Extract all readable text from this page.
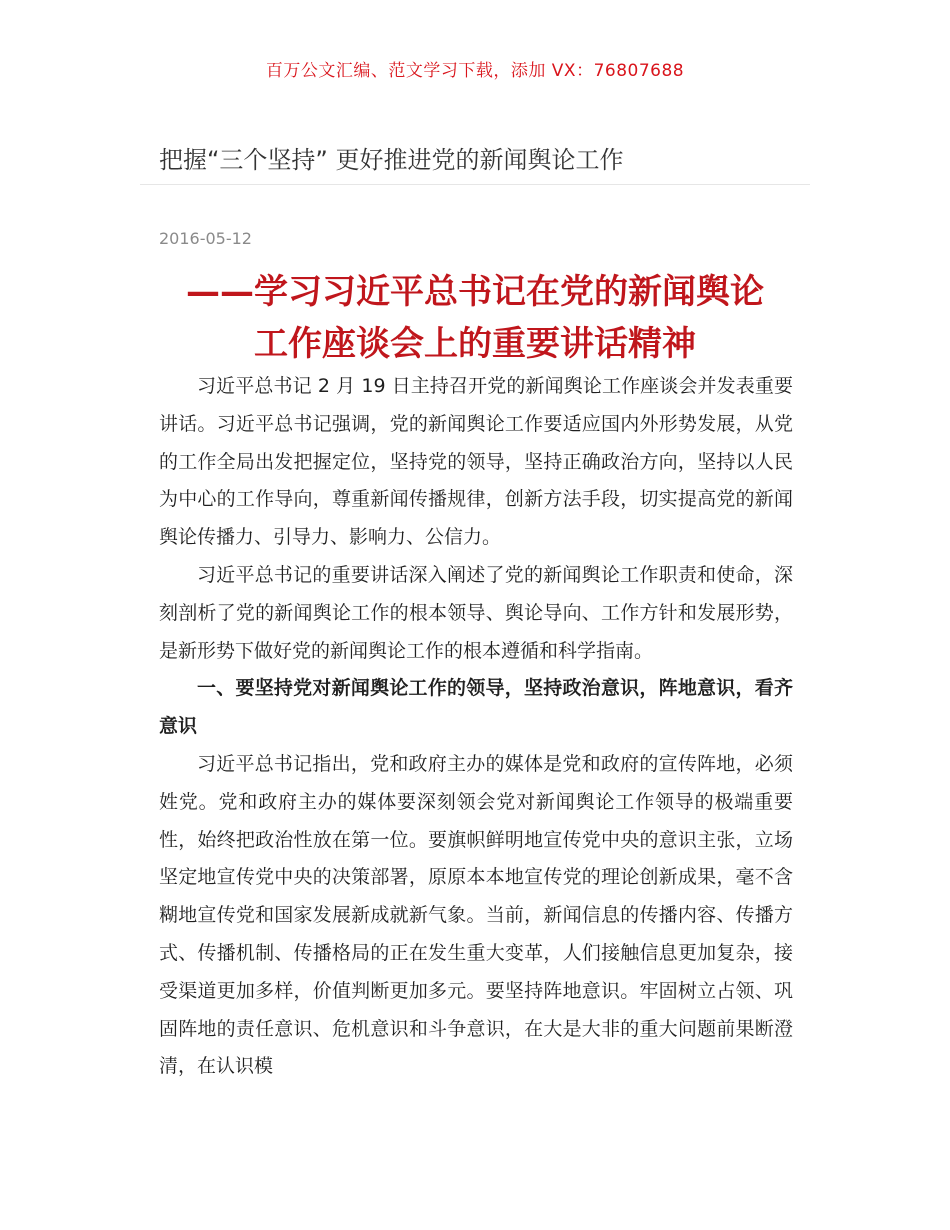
百万公文汇编、范文学习下载，添加 VX：76807688
把握“三个坚持” 更好推进党的新闻舆论工作
2016-05-12
——学习习近平总书记在党的新闻舆论
工作座谈会上的重要讲话精神

习近平总书记 2 月 19 日主持召开党的新闻舆论工作座谈会并发表重要讲话。习近平总书记强调，党的新闻舆论工作要适应国内外形势发展，从党的工作全局出发把握定位，坚持党的领导，坚持正确政治方向，坚持以人民为中心的工作导向，尊重新闻传播规律，创新方法手段，切实提高党的新闻舆论传播力、引导力、影响力、公信力。

习近平总书记的重要讲话深入阐述了党的新闻舆论工作职责和使命，深刻剖析了党的新闻舆论工作的根本领导、舆论导向、工作方针和发展形势，是新形势下做好党的新闻舆论工作的根本遵循和科学指南。

一、要坚持党对新闻舆论工作的领导，坚持政治意识，阵地意识，看齐意识

习近平总书记指出，党和政府主办的媒体是党和政府的宣传阵地，必须姓党。党和政府主办的媒体要深刻领会党对新闻舆论工作领导的极端重要性，始终把政治性放在第一位。要旗帜鲜明地宣传党中央的意识主张，立场坚定地宣传党中央的决策部署，原原本本地宣传党的理论创新成果，毫不含糊地宣传党和国家发展新成就新气象。当前，新闻信息的传播内容、传播方式、传播机制、传播格局的正在发生重大变革，人们接触信息更加复杂，接受渠道更加多样，价值判断更加多元。要坚持阵地意识。牢固树立占领、巩固阵地的责任意识、危机意识和斗争意识，在大是大非的重大问题前果断澄清，在认识模
